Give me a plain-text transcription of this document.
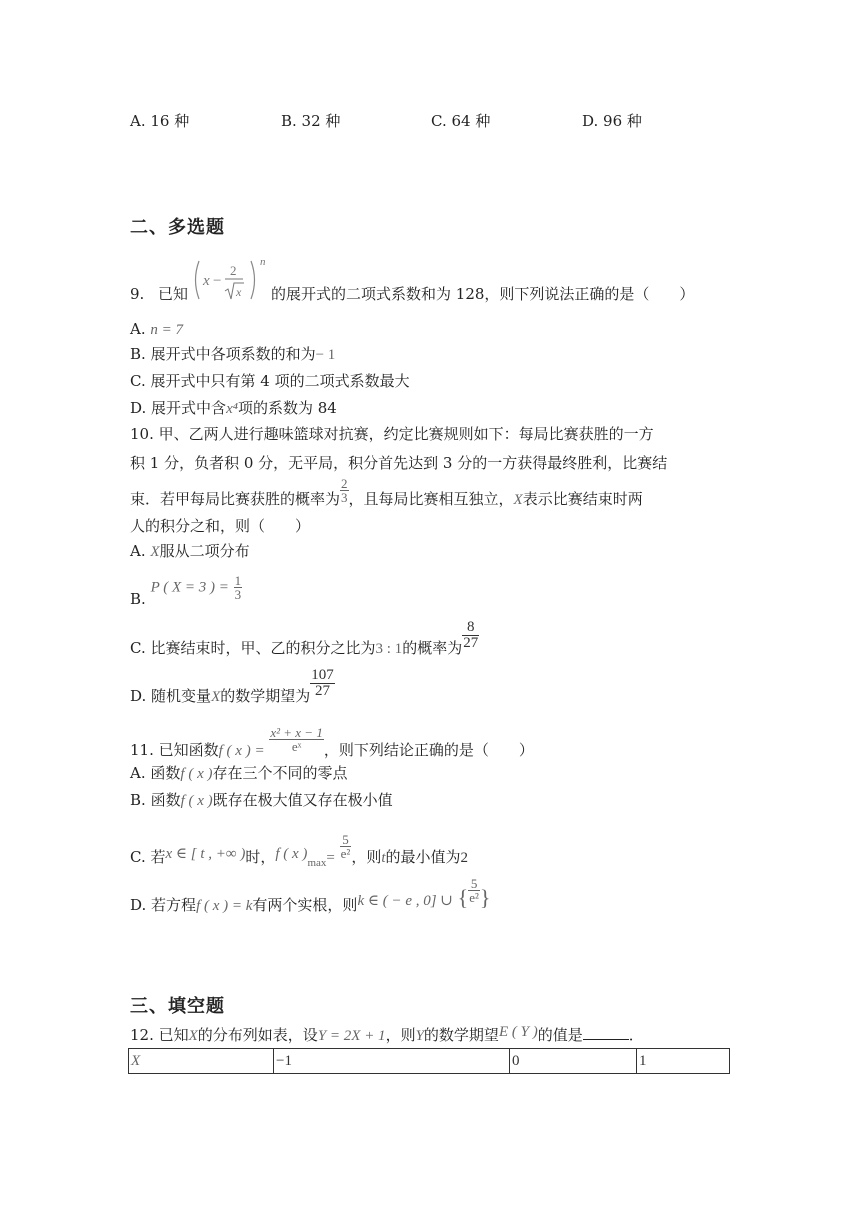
A. 16 种	B. 32 种	C. 64 种	D. 96 种
二、多选题
9. 已知
x −
2
x
n
的展开式的二项式系数和为 128，则下列说法正确的是（　　）
A. n = 7
B. 展开式中各项系数的和为− 1
C. 展开式中只有第 4 项的二项式系数最大
D. 展开式中含x⁴项的系数为 84
10. 甲、乙两人进行趣味篮球对抗赛，约定比赛规则如下：每局比赛获胜的一方
积 1 分，负者积 0 分，无平局，积分首先达到 3 分的一方获得最终胜利，比赛结
束．若甲每局比赛获胜的概率为 $\frac{2}{3}$ ，且每局比赛相互独立，X表示比赛结束时两
人的积分之和，则（　　）
A. X服从二项分布
B. P ( X = 3 ) = $\frac{1}{3}$
C. 比赛结束时，甲、乙的积分之比为3 : 1的概率为 $\frac{8}{27}$
D. 随机变量X的数学期望为 $\frac{107}{27}$
11. 已知函数f ( x ) = $\frac{\text{x² + x − 1}}{\text{eˣ}}$ ，则下列结论正确的是（　　）
A. 函数f ( x )存在三个不同的零点
B. 函数f ( x )既存在极大值又存在极小值
C. 若x ∈ [ t , +∞ )时，f ( x )$_{max}= \frac{5}{\text{e²}}$ ，则t的最小值为2
D. 若方程f ( x ) = k有两个实根，则k ∈ ( − e , 0] ∪ { $\frac{5}{\text{e²}}$ }
三、填空题
12. 已知X的分布列如表，设Y = 2X + 1，则Y的数学期望E ( Y )的值是	．
X	−1	0	1
